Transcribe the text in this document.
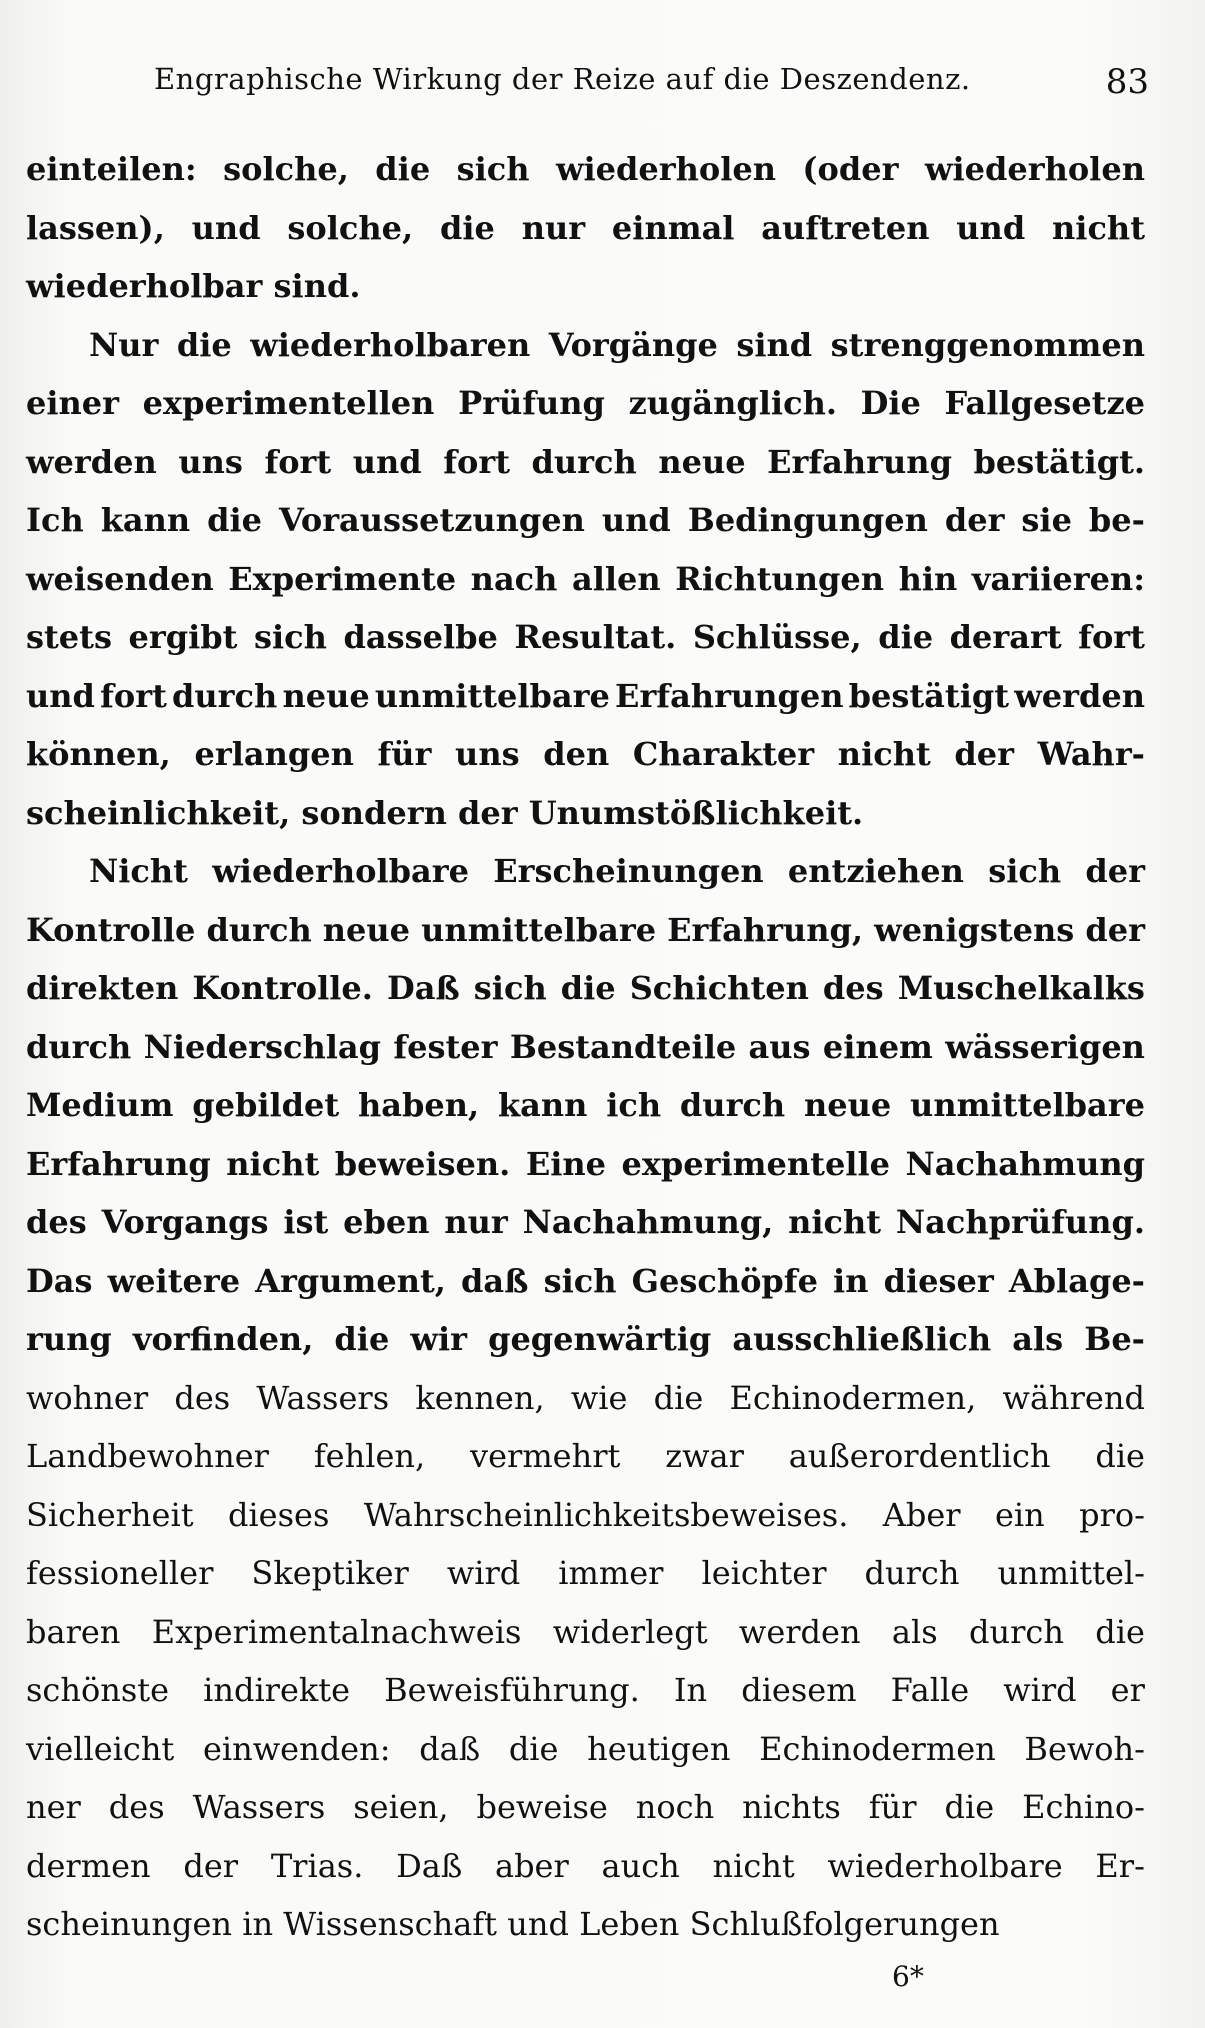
Engraphische Wirkung der Reize auf die Deszendenz.	83
einteilen: solche, die sich wiederholen (oder wiederholen
lassen), und solche, die nur einmal auftreten und nicht
wiederholbar sind.
Nur die wiederholbaren Vorgänge sind strenggenommen
einer experimentellen Prüfung zugänglich. Die Fallgesetze
werden uns fort und fort durch neue Erfahrung bestätigt.
Ich kann die Voraussetzungen und Bedingungen der sie be-
weisenden Experimente nach allen Richtungen hin variieren:
stets ergibt sich dasselbe Resultat. Schlüsse, die derart fort
und fort durch neue unmittelbare Erfahrungen bestätigt werden
können, erlangen für uns den Charakter nicht der Wahr-
scheinlichkeit, sondern der Unumstößlichkeit.
Nicht wiederholbare Erscheinungen entziehen sich der
Kontrolle durch neue unmittelbare Erfahrung, wenigstens der
direkten Kontrolle. Daß sich die Schichten des Muschelkalks
durch Niederschlag fester Bestandteile aus einem wässerigen
Medium gebildet haben, kann ich durch neue unmittelbare
Erfahrung nicht beweisen. Eine experimentelle Nachahmung
des Vorgangs ist eben nur Nachahmung, nicht Nachprüfung.
Das weitere Argument, daß sich Geschöpfe in dieser Ablage-
rung vorfinden, die wir gegenwärtig ausschließlich als Be-
wohner des Wassers kennen, wie die Echinodermen, während
Landbewohner fehlen, vermehrt zwar außerordentlich die
Sicherheit dieses Wahrscheinlichkeitsbeweises. Aber ein pro-
fessioneller Skeptiker wird immer leichter durch unmittel-
baren Experimentalnachweis widerlegt werden als durch die
schönste indirekte Beweisführung. In diesem Falle wird er
vielleicht einwenden: daß die heutigen Echinodermen Bewoh-
ner des Wassers seien, beweise noch nichts für die Echino-
dermen der Trias. Daß aber auch nicht wiederholbare Er-
scheinungen in Wissenschaft und Leben Schlußfolgerungen
6*
